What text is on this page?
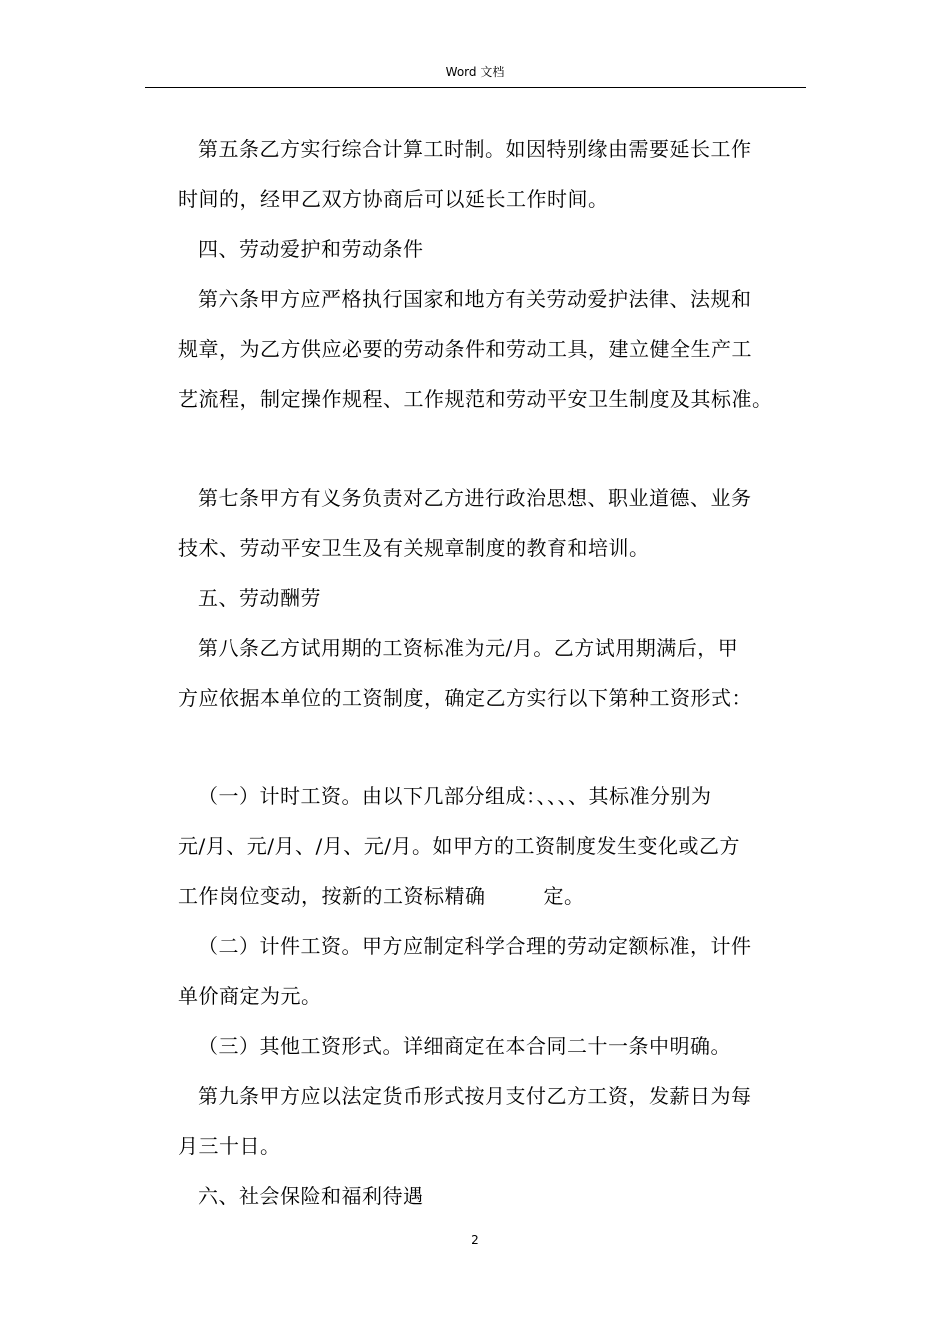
Word 文档
第五条乙方实行综合计算工时制。如因特别缘由需要延长工作
时间的，经甲乙双方协商后可以延长工作时间。
四、劳动爱护和劳动条件
第六条甲方应严格执行国家和地方有关劳动爱护法律、法规和
规章，为乙方供应必要的劳动条件和劳动工具，建立健全生产工
艺流程，制定操作规程、工作规范和劳动平安卫生制度及其标准。
第七条甲方有义务负责对乙方进行政治思想、职业道德、业务
技术、劳动平安卫生及有关规章制度的教育和培训。
五、劳动酬劳
第八条乙方试用期的工资标准为元/月。乙方试用期满后，甲
方应依据本单位的工资制度，确定乙方实行以下第种工资形式：
（一）计时工资。由以下几部分组成：、、、、其标准分别为
元/月、元/月、/月、元/月。如甲方的工资制度发生变化或乙方
工作岗位变动，按新的工资标精确	定。
（二）计件工资。甲方应制定科学合理的劳动定额标准，计件
单价商定为元。
（三）其他工资形式。详细商定在本合同二十一条中明确。
第九条甲方应以法定货币形式按月支付乙方工资，发薪日为每
月三十日。
六、社会保险和福利待遇
2
